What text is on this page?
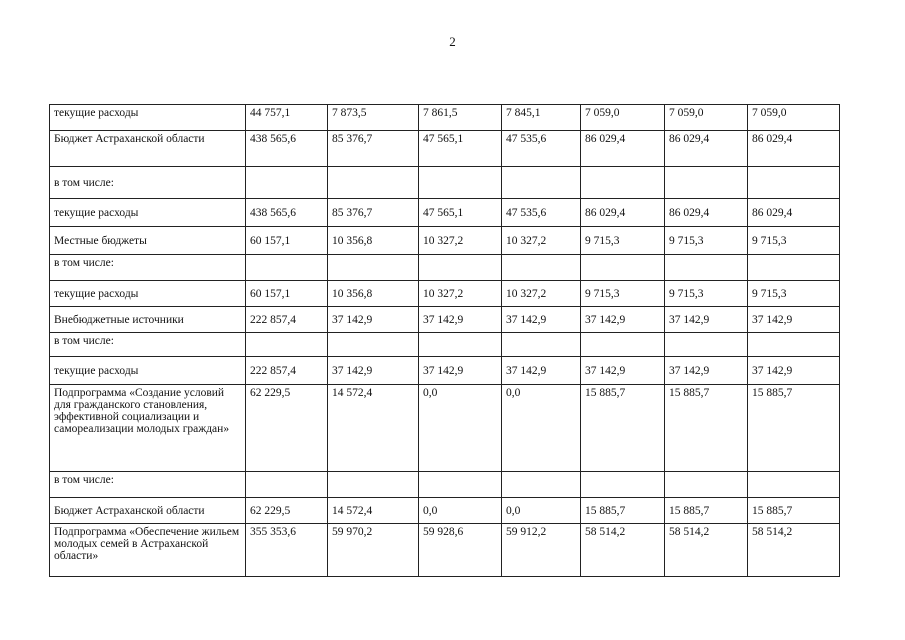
2
текущие расходы	44 757,1	7 873,5	7 861,5	7 845,1	7 059,0	7 059,0	7 059,0
Бюджет Астраханской области	438 565,6	85 376,7	47 565,1	47 535,6	86 029,4	86 029,4	86 029,4
в том числе:							
текущие расходы	438 565,6	85 376,7	47 565,1	47 535,6	86 029,4	86 029,4	86 029,4
Местные бюджеты	60 157,1	10 356,8	10 327,2	10 327,2	9 715,3	9 715,3	9 715,3
в том числе:							
текущие расходы	60 157,1	10 356,8	10 327,2	10 327,2	9 715,3	9 715,3	9 715,3
Внебюджетные источники	222 857,4	37 142,9	37 142,9	37 142,9	37 142,9	37 142,9	37 142,9
в том числе:							
текущие расходы	222 857,4	37 142,9	37 142,9	37 142,9	37 142,9	37 142,9	37 142,9
Подпрограмма «Создание условий для гражданского становления, эффективной социализации и самореализации молодых граждан»	62 229,5	14 572,4	0,0	0,0	15 885,7	15 885,7	15 885,7
в том числе:							
Бюджет Астраханской области	62 229,5	14 572,4	0,0	0,0	15 885,7	15 885,7	15 885,7
Подпрограмма «Обеспечение жильем молодых семей в Астраханской области»	355 353,6	59 970,2	59 928,6	59 912,2	58 514,2	58 514,2	58 514,2
